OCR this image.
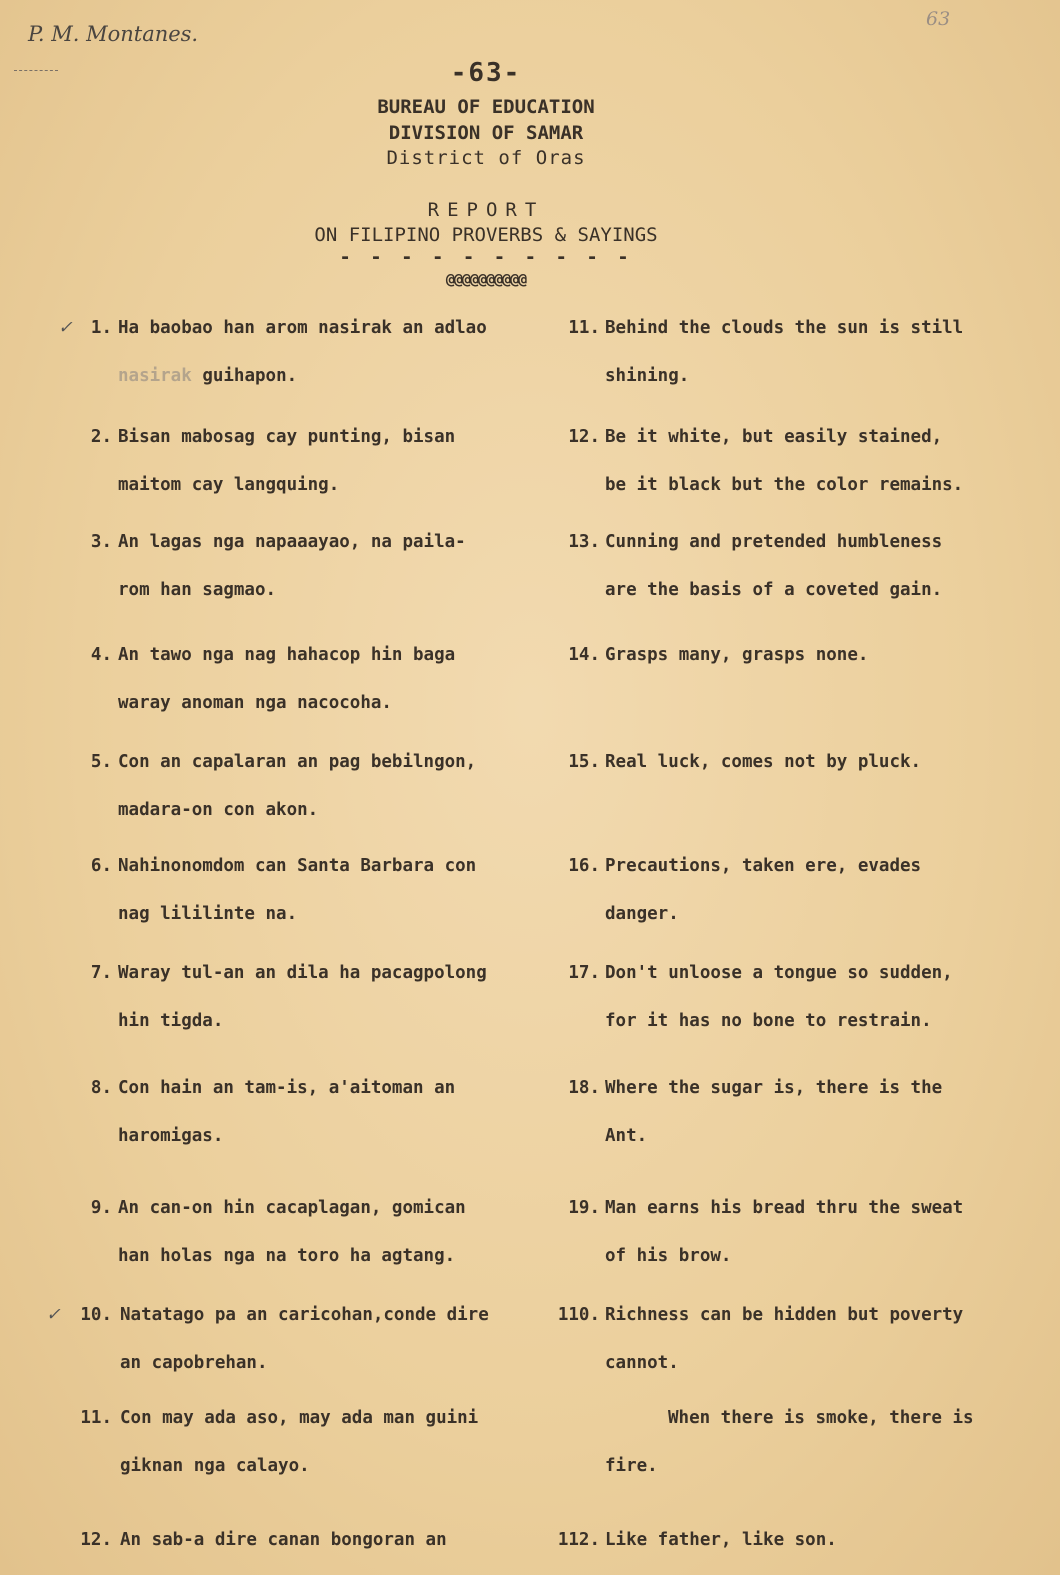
P. M. Montanes.
63
-63-
BUREAU OF EDUCATION
DIVISION OF SAMAR
District of Oras
REPORT
ON FILIPINO PROVERBS & SAYINGS
- - - - - - - - - -
@@@@@@@@@@
✓	1. Ha baobao han arom nasirak an adlao
nasirak guihapon.
11. Behind the clouds the sun is still
shining.
2. Bisan mabosag cay punting, bisan
maitom cay langquing.
12. Be it white, but easily stained,
be it black but the color remains.
3. An lagas nga napaaayao, na paila-
rom han sagmao.
13. Cunning and pretended humbleness
are the basis of a coveted gain.
4. An tawo nga nag hahacop hin baga
waray anoman nga nacocoha.
14. Grasps many, grasps none.
5. Con an capalaran an pag bebilngon,
madara-on con akon.
15. Real luck, comes not by pluck.
6. Nahinonomdom can Santa Barbara con
nag lililinte na.
16. Precautions, taken ere, evades
danger.
7. Waray tul-an an dila ha pacagpolong
hin tigda.
17. Don't unloose a tongue so sudden,
for it has no bone to restrain.
8. Con hain an tam-is, a'aitoman an
haromigas.
18. Where the sugar is, there is the
Ant.
9. An can-on hin cacaplagan, gomican
han holas nga na toro ha agtang.
19. Man earns his bread thru the sweat
of his brow.
✓	10. Natatago pa an caricohan,conde dire
an capobrehan.
110. Richness can be hidden but poverty
cannot.
11. Con may ada aso, may ada man guini
giknan nga calayo.
When there is smoke, there is
fire.
12. An sab-a dire canan bongoran an	112. Like father, like son.
